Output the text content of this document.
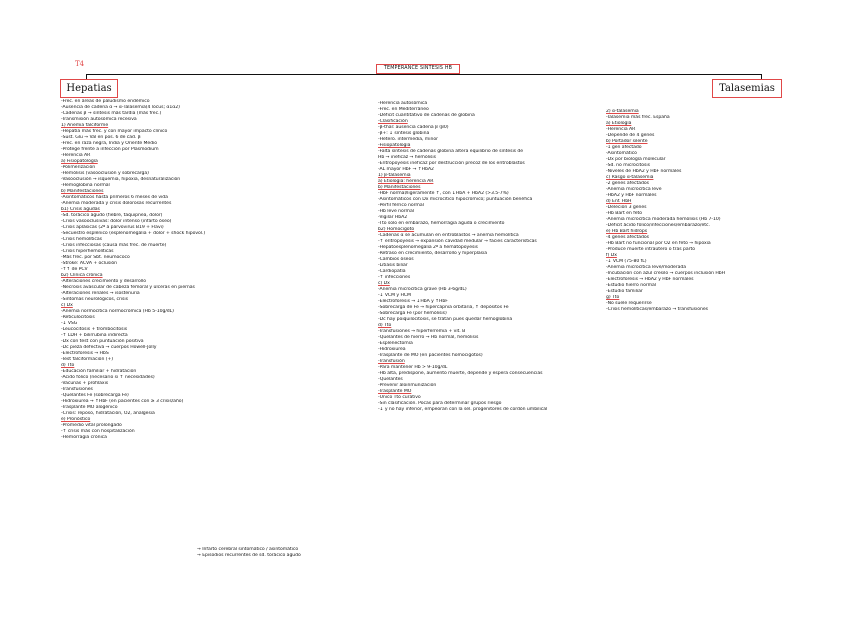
T4
TEMPERANCE SINTESIS HB
Hepatias	Talasemias
-Frec. en áreas de paludismo endémico
-Ausencia de cadena α → α-Talasemia(4 locus; α1α2)
-Cadenas β → síntesis más tardía (más frec.)
-Transmisión autosómica recesiva
1) Anemia falciforme
-Hepatía más frec. y con mayor impacto clínico
-Sust. Glu → Val en pos. 6 de cad. β
-Frec. en raza negra, India y Oriente Medio
-Protege frente a infección por Plasmodium
-Herencia AR
a) Fisiopatología
-Polimerización
-Hemólisis (vasooclusión y sobrecarga)
-Vasooclusión → isquemia, hipoxia, desnaturalización
-Hemoglobina normal
b) Manifestaciones
-Asintomáticos hasta primeros 6 meses de vida
-Anemia moderada y crisis dolorosas recurrentes
b1) Crisis agudas
-Sd. torácico agudo (fiebre, taquipnea, dolor)
-Crisis vasooclusivas: dolor intenso (infarto óseo)
-Crisis aplásicas (2ª a parvovirus B19 + Flavi)
-Secuestro esplénico (esplenomegalia + dolor + shock hipovol.)
-Crisis hemolíticas
-Crisis infecciosas (causa más frec. de muerte)
-Crisis hiperhemolíticas
-Más frec. por Sbt. neumococo
-Stroke: ACVA + oclusión
-↑↑ de PCV
b2) Clínica crónica
-Alteraciones crecimiento y desarrollo
-Necrosis avascular de cabeza femoral y úlceras en piernas
-Alteraciones renales → isostenuria
-Sintomas neurológicos, crisis
c) Dx
-Anemia normocítica normocrómica (Hb 5-10g/dL)
-Reticulocitosis
-↓ VSG
-Leucocitosis + trombocitosis
-↑ LDH + bilirrubina indirecta
-Dx con test con puntuación positiva
-Dc pieza defectiva → cuerpos Howell-Jolly
-Electroforesis → HbS
-Test falciformación (+)
d) Tto
-Educación familiar + hidratación
-Ácido fólico (necesario si ↑ necesidades)
-Vacunas + profilaxis
-Transfusiones
-Quelantes Fe (sobrecarga Fe)
-Hidroxiurea → ↑HbF (en pacientes con ≥ 3 crisis/año)
-Trasplante MO alogénico
-Crisis: reposo, hidratación, O2, analgesia
e) Pronóstico
-Promedio vital prolongado
-↑ crisis más con hospitalización
-Hemorragia crónica
-Herencia autosómica
-Frec. en Mediterráneo
-Déficit cuantitativo de cadenas de globina
-Clasificación
-β-thal: ausencia cadena β (β0)
-β+: ↓ síntesis globina
-Hetero. intermedia, minor
-Fisiopatología
-Falta síntesis de cadenas globina altera equilibrio de síntesis de
Hb → ineficaz → hemólisis
-Eritropoyesis ineficaz por destrucción precoz de los eritroblastos
-AL mayor HbF → ↑HbA2
1) β-talasemia
a) Etiología: herencia AR
b) Manifestaciones
-HbF normal/ligeramente ↑, con ↓HbA + HbA2 (>3.5-7%)
-Asintomáticos con Dx microcítico hipocrómico; puntuación benéfica
-Perfil férrico normal
-Hb leve normal
-Vigilar HbA2
-Tto solo en embarazo, hemorragia aguda o crecimiento
b2) Homocigoto
-Cadenas α se acumulan en eritroblastos → anemia hemolítica
-↑ eritropoyesis → expansión cavidad medular → facies características
-Hepatoesplenomegalia 2ª a hematopoyesis
-Retraso en crecimiento, desarrollo y hiperplasia
-Cambios óseos
-Litiasis biliar
-Cardiopatía
-↑ infecciones
c) Dx
-Anemia microcítica grave (Hb 3-6g/dL)
-↓ VCM y HCM
-Electroforesis → ↓HbA y ↑HbF
-Sobrecarga de Fe → hipercapnia orbitaria, ↑ depósitos Fe
-Sobrecarga Fe (por hemólisis)
-Dc hay poiquilocitosis, se tratan pues quedar hemoglobina
d) Tto
-Transfusiones → hiperferremia + vit. B
-Quelantes de hierro → Hb normal, hemólisis
-Esplenectomía
-Hidroxiurea
-Trasplante de MO (en pacientes homocigotos)
-Transfusión
-Para mantener Hb > 9-10g/dL
-Hb alta, predispone, aumento muerte, depende y espera consecuencias
-Quelantes
-Prevenir aloinmunización
-Trasplante MO
-Único Tto curativo
-Sin clasificación. Pocas para determinar grupos riesgo
-↓ y no hay inferior, empeoran con la sel. progenitores de cordón umbilical
2) α-talasemia
-Talasemia más frec. España
a) Etiología
-Herencia AR
-Depende de 4 genes
b) Portador silente
-1 gen afectado
-Asintomático
-Dx por biología molecular
-Sd. no microcitosis
-Niveles de HbA2 y HbF normales
c) Rasgo α-talasemia
-2 genes afectados
-Anemia microcítica leve
-HbA2 y HbF normales
d) Enf. HbH
-Deleción 3 genes
-Hb Bart en feto
-Anemia microcítica moderada hemólisis (Hb 7-10)
-Déficit ácido fólico/infecciones/embarazo/etc.
e) Hb Bart hidrops
-4 genes afectados
-Hb Bart no funcional por O2 en feto → hipoxia
-Produce muerte intraútero o tras parto
f) Dx
-↓ VCM (75-80 fL)
-Anemia microcítica leve/moderada
-Incubación con azul cresilo → cuerpos inclusión HbH
-Electroforesis → HbA2 y HbF normales
-Estudio hierro normal
-Estudio familiar
g) Tto
-No suele requerirse
-Crisis hemolíticas/embarazo → transfusiones
→ Infarto cerebral sintomático / asintomático
→ Episodios recurrentes de sd. torácico agudo
